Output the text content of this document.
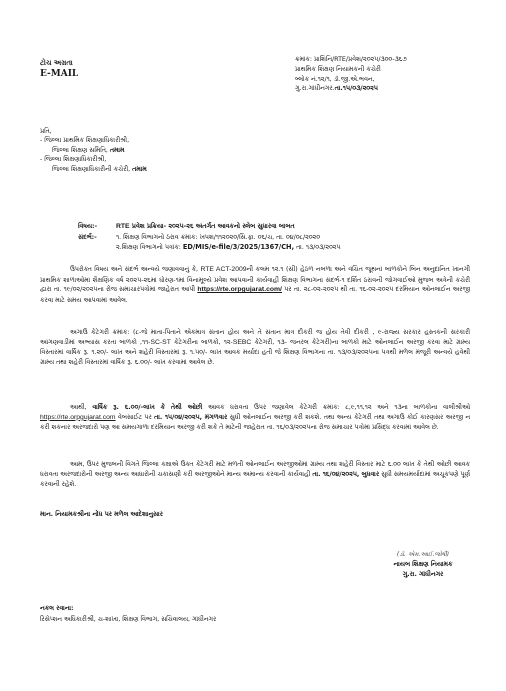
ટોચ અગ્રતા
E-MAIL
ક્રમાંક: પ્રાશિનિ/RTE/પ્રવેશ/૨૦૨૫/૩૦૦-૩૬૭
પ્રાથમિક શિક્ષણ નિયામકની કચેરી
બ્લોક નં.૧૨/૧, ડૉ.જી.એ.ભવન,
ગુ.રા.ગાંધીનગર.તા.૧૫/૦૩/૨૦૨૫
પ્રતિ,
- જિલ્લા પ્રાથમિક શિક્ષણાધિકારીશ્રી,
જિલ્લા શિક્ષણ સમિતિ, તમામ
- જિલ્લા શિક્ષણાધિકારીશ્રી,
જિલ્લા શિક્ષણાધિકારીની કચેરી, તમામ
વિષય:-	RTE પ્રવેશ પ્રક્રિયા- ૨૦૨૫-૨૬ અંતર્ગત આવકનો સ્લેબ સુધારવા બાબત
સંદર્ભ:-	૧. શિક્ષણ વિભાગનો ઠરાવ ક્રમાંક: ખપશ/૧૧૨૦૨૦/સિ.ફા. ૦૬/ચ, તા. ૦૪/૦૮/૨૦૨૦
૨.શિક્ષણ વિભાગનો પત્રાંક: ED/MIS/e-file/3/2025/1367/CH, તા. ૧૩/૦૩/૨૦૨૫

ઉપરોક્ત વિષય અને સંદર્ભ અન્વયે જણાવવાનું કે, RTE ACT-2009ની કલમ ૧૨.૧ (સી) હેઠળ નબળા અને વંચિત જૂથનાં બાળકોને બિન અનુદાનિત ખાનગી પ્રાથમિક શાળાઓમાં શૈક્ષણિક વર્ષ ૨૦૨૫-૨૬માં ધોરણ-૧માં વિનામૂલ્યે પ્રવેશ આપવાની કાર્યવાહી શિક્ષણ વિભાગના સંદર્ભ-૧ દર્શિત ઠરાવની જોગવાઈઓ મુજબ અત્રેની કચેરી દ્વારા તા. ૧૯/૦૨/૨૦૨૫ના રોજ સમાચારપત્રોમાં જાહેરાત આપી https://rte.orpgujarat.com/ પર તા. ૨૮-૦૨-૨૦૨૫ થી તા. ૧૬-૦૨-૨૦૨૫ દરમિયાન ઓનલાઈન અરજી કરવા માટે સમય આપવામાં આવેલ.

અગાઉ કેટેગરી ક્રમાંક: (૮-જે માતા-પિતાને એકમાત્ર સંતાન હોય અને તે સંતાન માત્ર દીકરી જ હોય તેવી દીકરી , ૯-રાજ્ય સરકાર હસ્તકની સરકારી આંગણવાડીમાં અભ્યાસ કરતા બાળકો ,૧૧-SC-ST કેટેગરીના બાળકો, ૧૨-SEBC કેટેગરી, ૧૩- જનરલ કેટેગરી)ના બાળકો માટે ઓનલાઈન અરજી કરવા માટે ગ્રામ્ય વિસ્તારમાં વાર્ષિક રૂ. ૧.૨૦/- લાખ અને શહેરી વિસ્તારમાં રૂ. ૧.૫૦/- લાખ આવક મર્યાદા હતી જે શિક્ષણ વિભાગના તા. ૧૩/૦૩/૨૦૨૫ના પત્રથી મળેલ મંજૂરી અન્વયે હવેથી ગ્રામ્ય તથા શહેરી વિસ્તારમાં વાર્ષિક રૂ. ૬.૦૦/- લાખ કરવામાં આવેલ છે.

આથી, વાર્ષિક રૂ. ૬.૦૦/-લાખ કે તેથી ઓછી આવક ધરાવતા ઉપર જણાવેલ કેટેગરી ક્રમાંક: ૮,૯,૧૧,૧૨ અને ૧૩ના બાળકોના વાલીશ્રીઓ https://rte.orpgujarat.com વેબસાઈટ પર તા. ૧૫/૦૪/૨૦૨૫, મંગળવાર સુધી ઓનલાઈન અરજી કરી શકશે. તથા અન્ય કેટેગરી તથા અગાઉ કોઈ કારણસર અરજી ન કરી શકનાર અરજદારો પણ આ સમયગાળા દરમિયાન અરજી કરી શકે તે માટેની જાહેરાત તા. ૧૬/૦૩/૨૦૨૫ના રોજ સમાચાર પત્રોમાં પ્રસિદ્ધ કરવામાં આવેલ છે.

આમ, ઉપર મુજબની વિગતે જિલ્લા કક્ષાએ ઉક્ત કેટેગરી માટે મળતી ઓનલાઈન અરજીઓમાં ગ્રામ્ય તથા શહેરી વિસ્તાર માટે ૬.૦૦ લાખ કે તેથી ઓછી આવક ધરાવતા અરજદારોની અરજી અન્ય આધારોની ચકાસણી કરી અરજીઓને માન્ય અમાન્ય કરવાની કાર્યવાહી તા. ૧૬/૦૪/૨૦૨૫, બુધવાર સુધી સમયમર્યાદામાં અચૂકપણે પૂર્ણ કરવાની રહેશે.

માન. નિયામકશ્રીના નોંધ પર મળેલ આદેશાનુસાર
(ડૉ. એમ.આઈ.જોષી)
નાયબ શિક્ષણ નિયામક
ગુ.રા. ગાંધીનગર
નકલ રવાના:
રિસેપ્શન અધિકારીશ્રી, ચ-શાખા, શિક્ષણ વિભાગ, સચિવાલય, ગાંધીનગર
